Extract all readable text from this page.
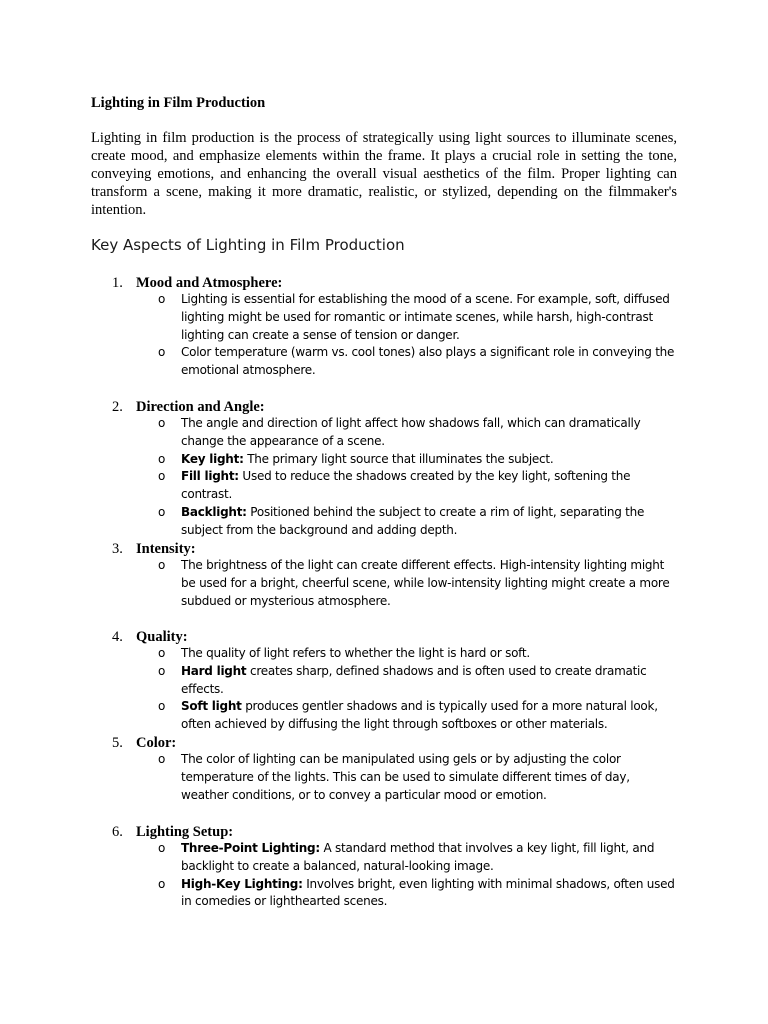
Lighting in Film Production

Lighting in film production is the process of strategically using light sources to illuminate scenes, create mood, and emphasize elements within the frame. It plays a crucial role in setting the tone, conveying emotions, and enhancing the overall visual aesthetics of the film. Proper lighting can transform a scene, making it more dramatic, realistic, or stylized, depending on the filmmaker's intention.

Key Aspects of Lighting in Film Production
1. Mood and Atmosphere:
o Lighting is essential for establishing the mood of a scene. For example, soft, diffused lighting might be used for romantic or intimate scenes, while harsh, high-contrast lighting can create a sense of tension or danger.
o Color temperature (warm vs. cool tones) also plays a significant role in conveying the emotional atmosphere.
2. Direction and Angle:
o The angle and direction of light affect how shadows fall, which can dramatically change the appearance of a scene.
o Key light: The primary light source that illuminates the subject.
o Fill light: Used to reduce the shadows created by the key light, softening the contrast.
o Backlight: Positioned behind the subject to create a rim of light, separating the subject from the background and adding depth.
3. Intensity:
o The brightness of the light can create different effects. High-intensity lighting might be used for a bright, cheerful scene, while low-intensity lighting might create a more subdued or mysterious atmosphere.
4. Quality:
o The quality of light refers to whether the light is hard or soft.
o Hard light creates sharp, defined shadows and is often used to create dramatic effects.
o Soft light produces gentler shadows and is typically used for a more natural look, often achieved by diffusing the light through softboxes or other materials.
5. Color:
o The color of lighting can be manipulated using gels or by adjusting the color temperature of the lights. This can be used to simulate different times of day, weather conditions, or to convey a particular mood or emotion.
6. Lighting Setup:
o Three-Point Lighting: A standard method that involves a key light, fill light, and backlight to create a balanced, natural-looking image.
o High-Key Lighting: Involves bright, even lighting with minimal shadows, often used in comedies or lighthearted scenes.
